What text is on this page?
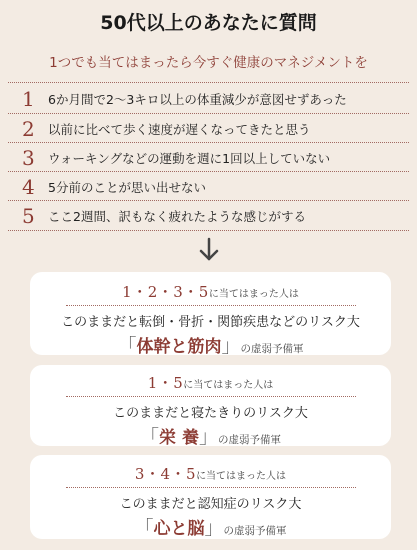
50代以上のあなたに質問
1つでも当てはまったら今すぐ健康のマネジメントを
1	6か月間で2〜3キロ以上の体重減少が意図せずあった
2	以前に比べて歩く速度が遅くなってきたと思う
3	ウォーキングなどの運動を週に1回以上していない
4	5分前のことが思い出せない
5	ここ2週間、訳もなく疲れたような感じがする
1・2・3・5に当てはまった人は
このままだと転倒・骨折・関節疾患などのリスク大
「体幹と筋肉」の虚弱予備軍
1・5に当てはまった人は
このままだと寝たきりのリスク大
「栄 養」の虚弱予備軍
3・4・5に当てはまった人は
このままだと認知症のリスク大
「心と脳」の虚弱予備軍
